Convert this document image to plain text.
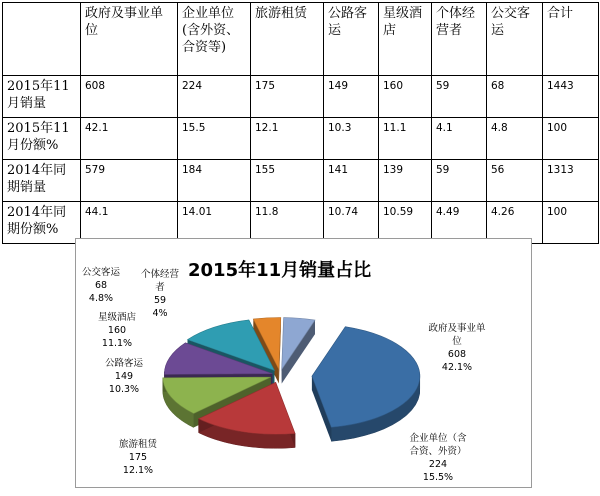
	政府及事业单位	企业单位(含外资、合资等)	旅游租赁	公路客运	星级酒店	个体经营者	公交客运	合计
2015年11月销量	608	224	175	149	160	59	68	1443
2015年11月份额%	42.1	15.5	12.1	10.3	11.1	4.1	4.8	100
2014年同期销量	579	184	155	141	139	59	56	1313
2014年同期份额%	44.1	14.01	11.8	10.74	10.59	4.49	4.26	100
2015年11月销量占比
政府及事业单
位
608
42.1%
企业单位（含
合资、外资）
224
15.5%
旅游租赁
175
12.1%
公路客运
149
10.3%
星级酒店
160
11.1%
个体经营
者
59
4%
公交客运
68
4.8%
